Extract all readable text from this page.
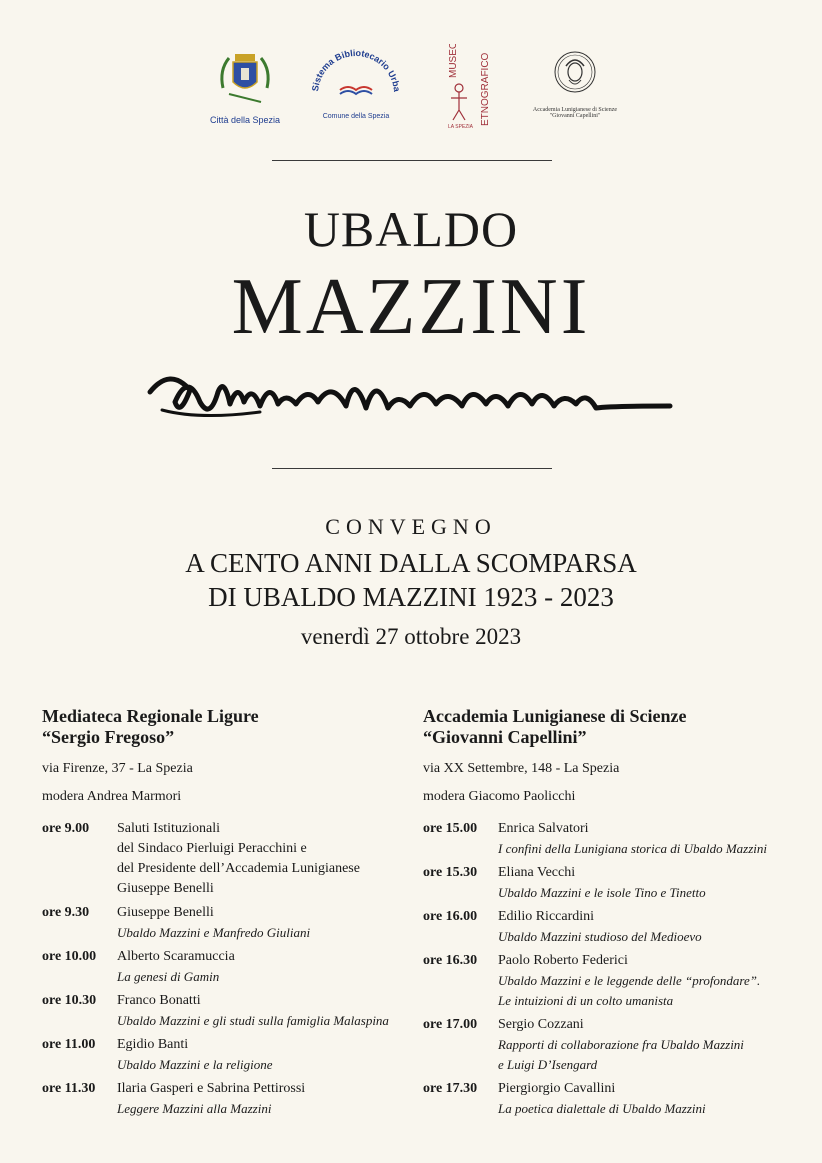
Città della Spezia
Sistema Bibliotecario Urba
Comune della Spezia
MUSEO ETNOGRAFICO
LA SPEZIA
Accademia Lunigianese di Scienze
"Giovanni Capellini"
UBALDO
MAZZINI
CONVEGNO
A CENTO ANNI DALLA SCOMPARSA
DI UBALDO MAZZINI 1923 - 2023
venerdì 27 ottobre 2023
Mediateca Regionale Ligure
“Sergio Fregoso”
via Firenze, 37 - La Spezia
modera Andrea Marmori
ore 9.00	Saluti Istituzionali
del Sindaco Pierluigi Peracchini e
del Presidente dell’Accademia Lunigianese
Giuseppe Benelli
ore 9.30	Giuseppe Benelli
Ubaldo Mazzini e Manfredo Giuliani
ore 10.00	Alberto Scaramuccia
La genesi di Gamin
ore 10.30	Franco Bonatti
Ubaldo Mazzini e gli studi sulla famiglia Malaspina
ore 11.00	Egidio Banti
Ubaldo Mazzini e la religione
ore 11.30	Ilaria Gasperi e Sabrina Pettirossi
Leggere Mazzini alla Mazzini
Accademia Lunigianese di Scienze
“Giovanni Capellini”
via XX Settembre, 148 - La Spezia
modera Giacomo Paolicchi
ore 15.00	Enrica Salvatori
I confini della Lunigiana storica di Ubaldo Mazzini
ore 15.30	Eliana Vecchi
Ubaldo Mazzini e le isole Tino e Tinetto
ore 16.00	Edilio Riccardini
Ubaldo Mazzini studioso del Medioevo
ore 16.30	Paolo Roberto Federici
Ubaldo Mazzini e le leggende delle “profondare”.
Le intuizioni di un colto umanista
ore 17.00	Sergio Cozzani
Rapporti di collaborazione fra Ubaldo Mazzini
e Luigi D’Isengard
ore 17.30	Piergiorgio Cavallini
La poetica dialettale di Ubaldo Mazzini
